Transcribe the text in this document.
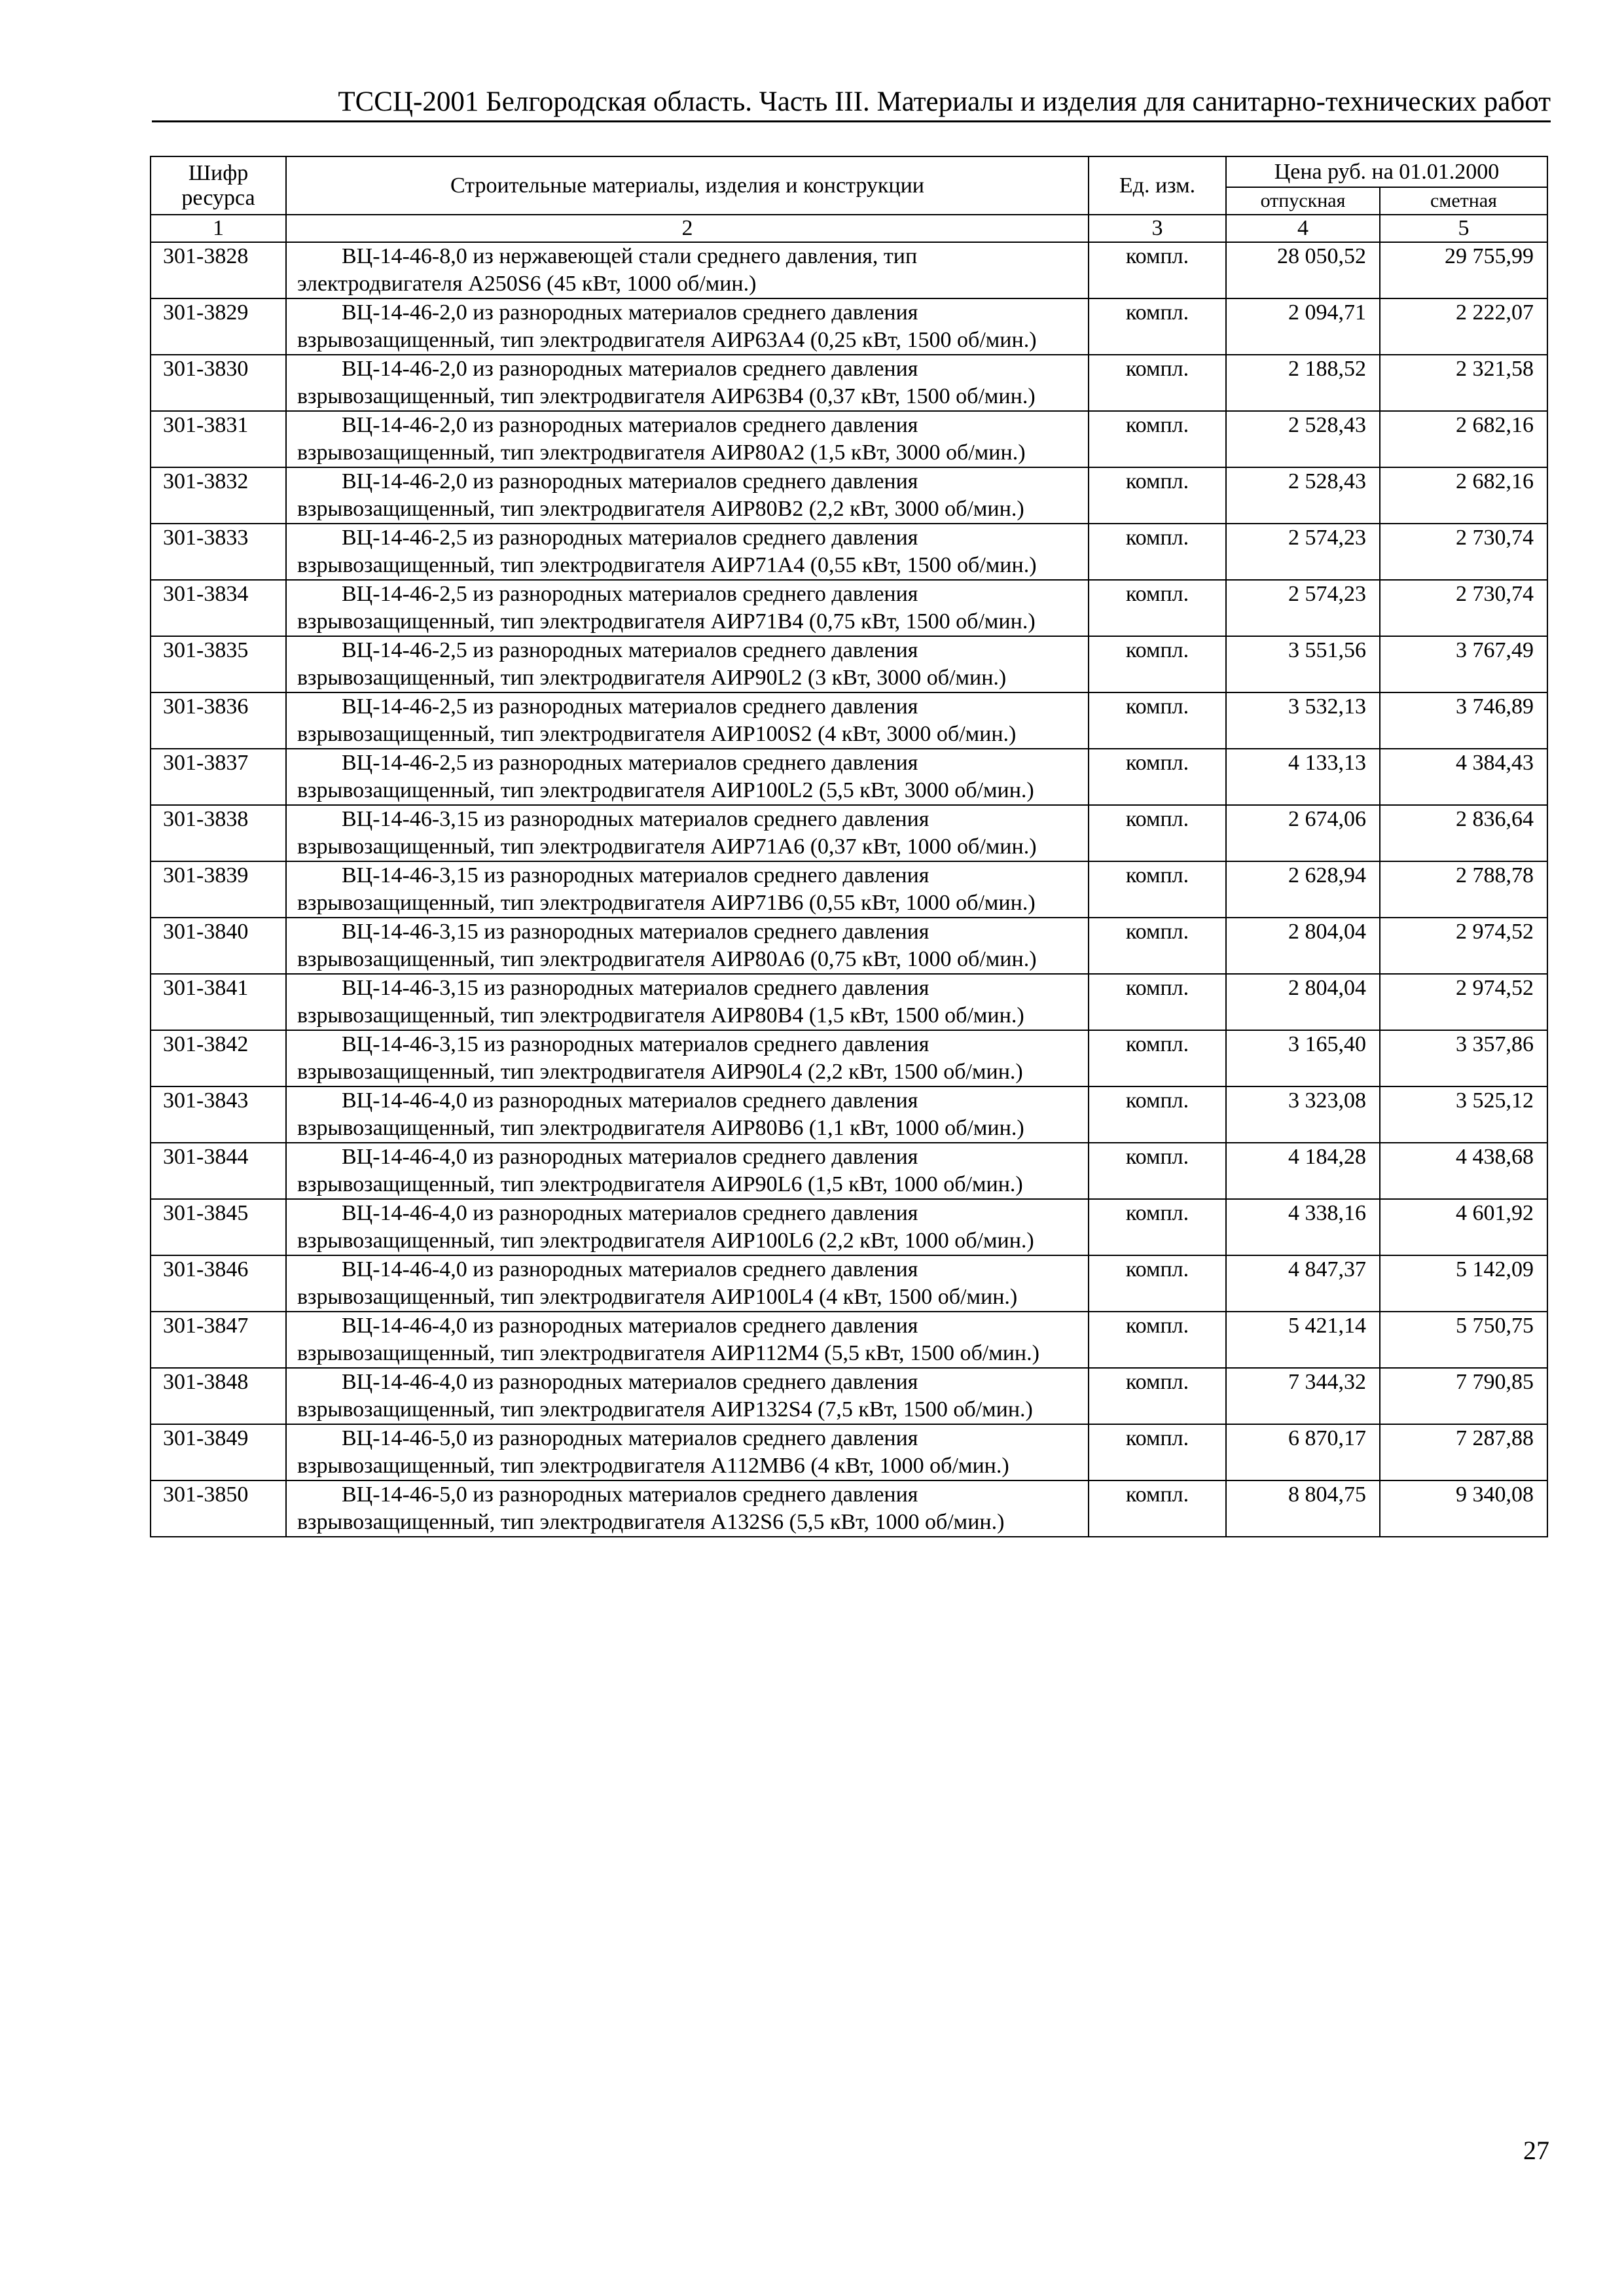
ТССЦ-2001 Белгородская область. Часть III. Материалы и изделия для санитарно-технических работ
Шифр ресурса	Строительные материалы, изделия и конструкции	Ед. изм.	Цена руб. на 01.01.2000	
			отпускная	сметная
1	2	3	4	5
301-3828	ВЦ-14-46-8,0 из нержавеющей стали среднего давления, тип электродвигателя А250S6 (45 кВт, 1000 об/мин.)	компл.	28 050,52	29 755,99
301-3829	ВЦ-14-46-2,0 из разнородных материалов среднего давления взрывозащищенный, тип электродвигателя АИР63А4 (0,25 кВт, 1500 об/мин.)	компл.	2 094,71	2 222,07
301-3830	ВЦ-14-46-2,0 из разнородных материалов среднего давления взрывозащищенный, тип электродвигателя АИР63В4 (0,37 кВт, 1500 об/мин.)	компл.	2 188,52	2 321,58
301-3831	ВЦ-14-46-2,0 из разнородных материалов среднего давления взрывозащищенный, тип электродвигателя АИР80А2 (1,5 кВт, 3000 об/мин.)	компл.	2 528,43	2 682,16
301-3832	ВЦ-14-46-2,0 из разнородных материалов среднего давления взрывозащищенный, тип электродвигателя АИР80В2 (2,2 кВт, 3000 об/мин.)	компл.	2 528,43	2 682,16
301-3833	ВЦ-14-46-2,5 из разнородных материалов среднего давления взрывозащищенный, тип электродвигателя АИР71А4 (0,55 кВт, 1500 об/мин.)	компл.	2 574,23	2 730,74
301-3834	ВЦ-14-46-2,5 из разнородных материалов среднего давления взрывозащищенный, тип электродвигателя АИР71В4 (0,75 кВт, 1500 об/мин.)	компл.	2 574,23	2 730,74
301-3835	ВЦ-14-46-2,5 из разнородных материалов среднего давления взрывозащищенный, тип электродвигателя АИР90L2 (3 кВт, 3000 об/мин.)	компл.	3 551,56	3 767,49
301-3836	ВЦ-14-46-2,5 из разнородных материалов среднего давления взрывозащищенный, тип электродвигателя АИР100S2 (4 кВт, 3000 об/мин.)	компл.	3 532,13	3 746,89
301-3837	ВЦ-14-46-2,5 из разнородных материалов среднего давления взрывозащищенный, тип электродвигателя АИР100L2 (5,5 кВт, 3000 об/мин.)	компл.	4 133,13	4 384,43
301-3838	ВЦ-14-46-3,15 из разнородных материалов среднего давления взрывозащищенный, тип электродвигателя АИР71А6 (0,37 кВт, 1000 об/мин.)	компл.	2 674,06	2 836,64
301-3839	ВЦ-14-46-3,15 из разнородных материалов среднего давления взрывозащищенный, тип электродвигателя АИР71В6 (0,55 кВт, 1000 об/мин.)	компл.	2 628,94	2 788,78
301-3840	ВЦ-14-46-3,15 из разнородных материалов среднего давления взрывозащищенный, тип электродвигателя АИР80А6 (0,75 кВт, 1000 об/мин.)	компл.	2 804,04	2 974,52
301-3841	ВЦ-14-46-3,15 из разнородных материалов среднего давления взрывозащищенный, тип электродвигателя АИР80В4 (1,5 кВт, 1500 об/мин.)	компл.	2 804,04	2 974,52
301-3842	ВЦ-14-46-3,15 из разнородных материалов среднего давления взрывозащищенный, тип электродвигателя АИР90L4 (2,2 кВт, 1500 об/мин.)	компл.	3 165,40	3 357,86
301-3843	ВЦ-14-46-4,0 из разнородных материалов среднего давления взрывозащищенный, тип электродвигателя АИР80В6 (1,1 кВт, 1000 об/мин.)	компл.	3 323,08	3 525,12
301-3844	ВЦ-14-46-4,0 из разнородных материалов среднего давления взрывозащищенный, тип электродвигателя АИР90L6 (1,5 кВт, 1000 об/мин.)	компл.	4 184,28	4 438,68
301-3845	ВЦ-14-46-4,0 из разнородных материалов среднего давления взрывозащищенный, тип электродвигателя АИР100L6 (2,2 кВт, 1000 об/мин.)	компл.	4 338,16	4 601,92
301-3846	ВЦ-14-46-4,0 из разнородных материалов среднего давления взрывозащищенный, тип электродвигателя АИР100L4 (4 кВт, 1500 об/мин.)	компл.	4 847,37	5 142,09
301-3847	ВЦ-14-46-4,0 из разнородных материалов среднего давления взрывозащищенный, тип электродвигателя АИР112М4 (5,5 кВт, 1500 об/мин.)	компл.	5 421,14	5 750,75
301-3848	ВЦ-14-46-4,0 из разнородных материалов среднего давления взрывозащищенный, тип электродвигателя АИР132S4 (7,5 кВт, 1500 об/мин.)	компл.	7 344,32	7 790,85
301-3849	ВЦ-14-46-5,0 из разнородных материалов среднего давления взрывозащищенный, тип электродвигателя А112МВ6 (4 кВт, 1000 об/мин.)	компл.	6 870,17	7 287,88
301-3850	ВЦ-14-46-5,0 из разнородных материалов среднего давления взрывозащищенный, тип электродвигателя А132S6 (5,5 кВт, 1000 об/мин.)	компл.	8 804,75	9 340,08
27
